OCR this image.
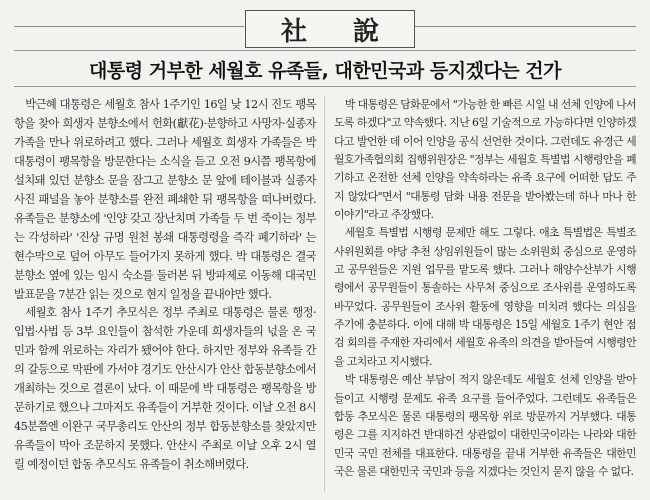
社 說
대통령 거부한 세월호 유족들, 대한민국과 등지겠다는 건가

박근혜 대통령은 세월호 참사 1주기인 16일 낮 12시 진도 팽목항을 찾아 희생자 분향소에서 헌화(獻花)·분향하고 사망자·실종자 가족을 만나 위로하려고 했다. 그러나 세월호 희생자 가족들은 박 대통령이 팽목항을 방문한다는 소식을 듣고 오전 9시쯤 팽목항에 설치돼 있던 분향소 문을 잠그고 분향소 문 앞에 테이블과 실종자 사진 패널을 놓아 분향소를 완전 폐쇄한 뒤 팽목항을 떠나버렸다. 유족들은 분향소에 '인양 갖고 장난치며 가족들 두 번 죽이는 정부는 각성하라' '진상 규명 원천 봉쇄 대통령령을 즉각 폐기하라' 는 현수막으로 덮어 아무도 들어가지 못하게 했다. 박 대통령은 결국 분향소 옆에 있는 임시 숙소를 둘러본 뒤 방파제로 이동해 대국민 발표문을 7분간 읽는 것으로 현지 일정을 끝내야만 했다.

세월호 참사 1주기 추모식은 정부 주최로 대통령은 물론 행정·입법·사법 등 3부 요인들이 참석한 가운데 희생자들의 넋을 온 국민과 함께 위로하는 자리가 됐어야 한다. 하지만 정부와 유족들 간의 갈등으로 막판에 가서야 경기도 안산시가 안산 합동분향소에서 개최하는 것으로 결론이 났다. 이 때문에 박 대통령은 팽목항을 방문하기로 했으나 그마저도 유족들이 거부한 것이다. 이날 오전 8시 45분쯤엔 이완구 국무총리도 안산의 정부 합동분향소를 찾았지만 유족들이 막아 조문하지 못했다. 안산시 주최로 이날 오후 2시 열릴 예정이던 합동 추모식도 유족들이 취소해버렸다.

박 대통령은 담화문에서 "가능한 한 빠른 시일 내 선체 인양에 나서도록 하겠다"고 약속했다. 지난 6일 기술적으로 가능하다면 인양하겠다고 발언한 데 이어 인양을 공식 선언한 것이다. 그런데도 유경근 세월호가족협의회 집행위원장은 "정부는 세월호 특별법 시행령안을 폐기하고 온전한 선체 인양을 약속하라는 유족 요구에 어떠한 답도 주지 않았다"면서 "대통령 담화 내용 전문을 받아봤는데 하나 마나 한 이야기"라고 주장했다.

세월호 특별법 시행령 문제만 해도 그렇다. 애초 특별법은 특별조사위원회를 야당 추천 상임위원들이 많는 소위원회 중심으로 운영하고 공무원들은 지원 업무를 맡도록 했다. 그러나 해양수산부가 시행령에서 공무원들이 통솔하는 사무처 중심으로 조사위를 운영하도록 바꾸었다. 공무원들이 조사위 활동에 영향을 미치려 했다는 의심을 주기에 충분하다. 이에 대해 박 대통령은 15일 세월호 1주기 현안 점검 회의를 주재한 자리에서 세월호 유족의 의견을 받아들여 시행령안을 고치라고 지시했다.

박 대통령은 예산 부담이 적지 않은데도 세월호 선체 인양을 받아들이고 시행령 문제도 유족 요구를 들어주었다. 그런데도 유족들은 합동 추모식은 물론 대통령의 팽목항 위로 방문까지 거부했다. 대통령은 그를 지지하건 반대하건 상관없이 대한민국이라는 나라와 대한민국 국민 전체를 대표한다. 대통령을 끝내 거부한 유족들은 대한민국은 물론 대한민국 국민과 등을 지겠다는 것인지 묻지 않을 수 없다.
